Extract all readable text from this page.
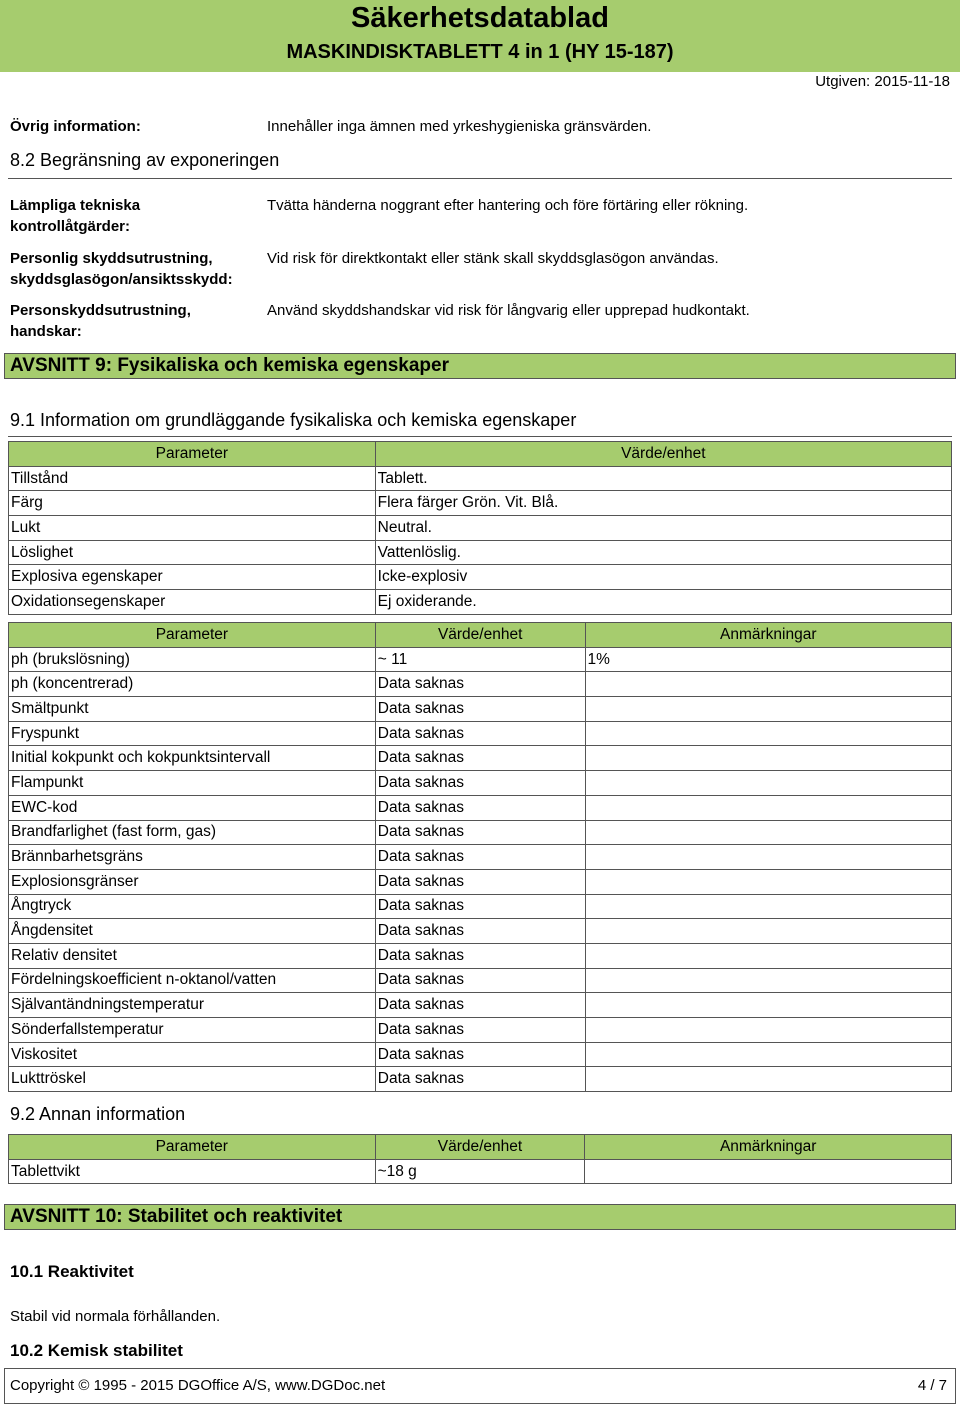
Säkerhetsdatablad
MASKINDISKTABLETT 4 in 1 (HY 15-187)
Utgiven: 2015-11-18
Övrig information:	Innehåller inga ämnen med yrkeshygieniska gränsvärden.
8.2 Begränsning av exponeringen
Lämpliga tekniska kontrollåtgärder:
Tvätta händerna noggrant efter hantering och före förtäring eller rökning.
Personlig skyddsutrustning, skyddsglasögon/ansiktsskydd:
Vid risk för direktkontakt eller stänk skall skyddsglasögon användas.
Personskyddsutrustning, handskar:
Använd skyddshandskar vid risk för långvarig eller upprepad hudkontakt.
AVSNITT 9: Fysikaliska och kemiska egenskaper
9.1 Information om grundläggande fysikaliska och kemiska egenskaper
Parameter	Värde/enhet
Tillstånd	Tablett.
Färg	Flera färger Grön. Vit. Blå.
Lukt	Neutral.
Löslighet	Vattenlöslig.
Explosiva egenskaper	Icke-explosiv
Oxidationsegenskaper	Ej oxiderande.
Parameter	Värde/enhet	Anmärkningar
ph (brukslösning)	~ 11	1%
ph (koncentrerad)	Data saknas	
Smältpunkt	Data saknas	
Fryspunkt	Data saknas	
Initial kokpunkt och kokpunktsintervall	Data saknas	
Flampunkt	Data saknas	
EWC-kod	Data saknas	
Brandfarlighet (fast form, gas)	Data saknas	
Brännbarhetsgräns	Data saknas	
Explosionsgränser	Data saknas	
Ångtryck	Data saknas	
Ångdensitet	Data saknas	
Relativ densitet	Data saknas	
Fördelningskoefficient n-oktanol/vatten	Data saknas	
Självantändningstemperatur	Data saknas	
Sönderfallstemperatur	Data saknas	
Viskositet	Data saknas	
Lukttröskel	Data saknas	
9.2 Annan information
Parameter	Värde/enhet	Anmärkningar
Tablettvikt	~18 g	
AVSNITT 10: Stabilitet och reaktivitet
10.1 Reaktivitet
Stabil vid normala förhållanden.
10.2 Kemisk stabilitet
Copyright © 1995 - 2015 DGOffice A/S, www.DGDoc.net	4 / 7
